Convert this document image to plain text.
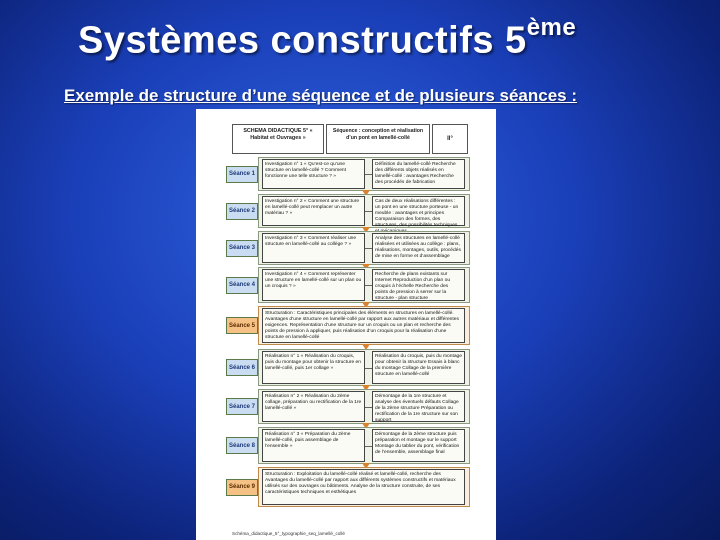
Systèmes constructifs 5ème
Exemple de structure d’une séquence et de plusieurs séances :
SCHEMA DIDACTIQUE 5° « Habitat et Ouvrages »
Séquence : conception et réalisation d’un pont en lamellé-collé	II°
Schéma_didactique_5°_typographie_seq_lamellé_collé
Séance 1
Investigation n° 1 « Qu’est-ce qu’une structure en lamellé-collé ? Comment fonctionne une telle structure ? »
Définition du lamellé-collé Recherche des différents objets réalisés en lamellé-collé : avantages Recherche des procédés de fabrication
Séance 2
Investigation n° 2 « Comment une structure en lamellé-collé peut remplacer un autre matériau ? »
Cas de deux réalisations différentes : un pont en une structure porteuse - un meuble : avantages et principes Comparaison des formes, des structures, des possibilités techniques
Séance 3
Investigation n° 3 « Comment réaliser une structure en lamellé-collé au collège ? »
Analyse des structures en lamellé-collé réalisées et utilisées au collège : plans, réalisations, montages, outils, procédés de mise en forme et d’assemblage
Séance 4
Investigation n° 4 « Comment représenter une structure en lamellé-collé sur un plan ou un croquis ? »
Recherche de plans existants sur Internet Reproduction d’un plan ou croquis à l’échelle Recherche des points de pression à serrer sur la structure - plan structure
Séance 5
Structuration : Caractéristiques principales des éléments en structures en lamellé-collé. Avantages d’une structure en lamellé-collé par rapport aux autres matériaux et différentes exigences. Représentation d’une structure sur un croquis ou un plan et recherche des points de pression à appliquer, puis réalisation d’un croquis pour la réalisation d’une structure en lamellé-collé
Séance 6
Réalisation n° 1 « Réalisation du croquis, puis du montage pour obtenir la structure en lamellé-collé, puis 1er collage »
Réalisation du croquis, puis du montage pour obtenir la structure Essais à blanc du montage Collage de la première structure en lamellé-collé
Séance 7
Réalisation n° 2 « Réalisation du 2ème collage, préparation ou rectification de la 1re lamellé-collé »
Démontage de la 1re structure et analyse des éventuels défauts Collage de la 2ème structure Préparation ou rectification de la 1re structure sur son support
Séance 8
Réalisation n° 3 « Préparation du 2ème lamellé-collé, puis assemblage de l’ensemble »
Démontage de la 2ème structure puis préparation et montage sur le support Montage du tablier du pont, vérification de l’ensemble, assemblage final
Séance 9
Structuration : Exploitation du lamellé-collé réalisé et lamellé-collé, recherche des Avantages du lamellé-collé par rapport aux différents systèmes constructifs et matériaux utilisés sur des ouvrages ou bâtiments. Analyse de la structure construite, de ses caractéristiques techniques et esthétiques
